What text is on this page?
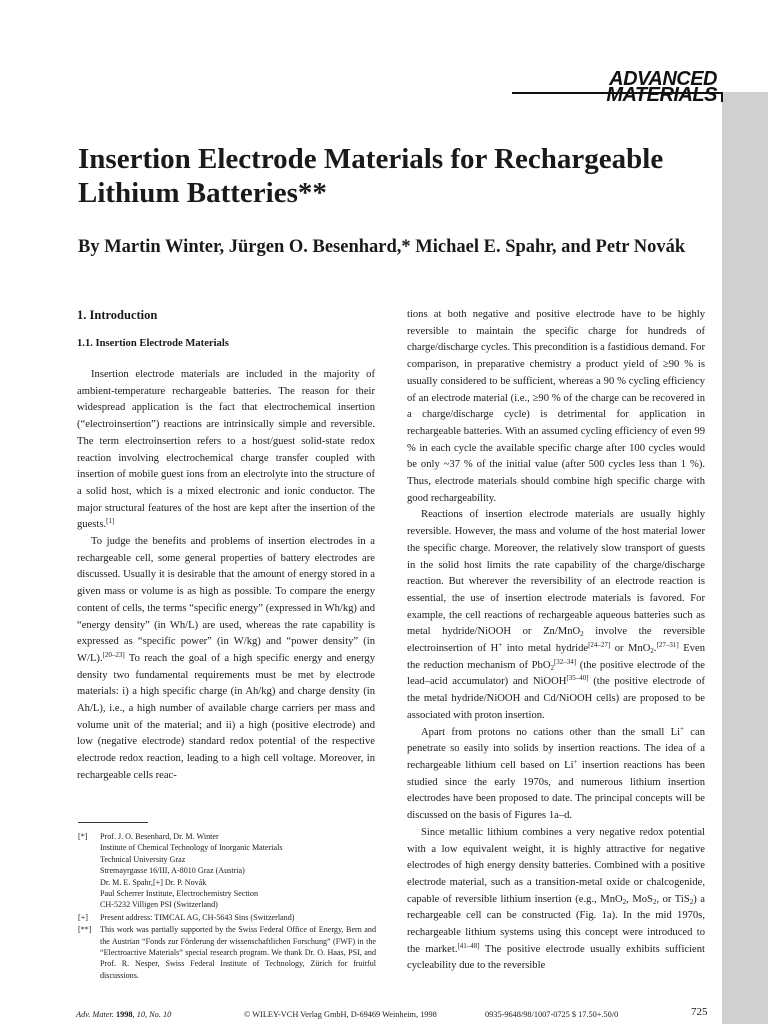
ADVANCED
MATERIALS
Insertion Electrode Materials for Rechargeable Lithium Batteries**
By Martin Winter, Jürgen O. Besenhard,* Michael E. Spahr, and Petr Novák
1. Introduction
1.1. Insertion Electrode Materials

Insertion electrode materials are included in the majority of ambient-temperature rechargeable batteries. The reason for their widespread application is the fact that electrochemical insertion (“electroinsertion”) reactions are intrinsically simple and reversible. The term electroinsertion refers to a host/guest solid-state redox reaction involving electrochemical charge transfer coupled with insertion of mobile guest ions from an electrolyte into the structure of a solid host, which is a mixed electronic and ionic conductor. The major structural features of the host are kept after the insertion of the guests.[1]

To judge the benefits and problems of insertion electrodes in a rechargeable cell, some general properties of battery electrodes are discussed. Usually it is desirable that the amount of energy stored in a given mass or volume is as high as possible. To compare the energy content of cells, the terms “specific energy” (expressed in Wh/kg) and “energy density” (in Wh/L) are used, whereas the rate capability is expressed as “specific power” (in W/kg) and “power density” (in W/L).[20–23] To reach the goal of a high specific energy and energy density two fundamental requirements must be met by electrode materials: i) a high specific charge (in Ah/kg) and charge density (in Ah/L), i.e., a high number of available charge carriers per mass and volume unit of the material; and ii) a high (positive electrode) and low (negative electrode) standard redox potential of the respective electrode redox reaction, leading to a high cell voltage. Moreover, in rechargeable cells reac-

tions at both negative and positive electrode have to be highly reversible to maintain the specific charge for hundreds of charge/discharge cycles. This precondition is a fastidious demand. For comparison, in preparative chemistry a product yield of ≥90 % is usually considered to be sufficient, whereas a 90 % cycling efficiency of an electrode material (i.e., ≥90 % of the charge can be recovered in a charge/discharge cycle) is detrimental for application in rechargeable batteries. With an assumed cycling efficiency of even 99 % in each cycle the available specific charge after 100 cycles would be only ~37 % of the initial value (after 500 cycles less than 1 %). Thus, electrode materials should combine high specific charge with good rechargeability.

Reactions of insertion electrode materials are usually highly reversible. However, the mass and volume of the host material lower the specific charge. Moreover, the relatively slow transport of guests in the solid host limits the rate capability of the charge/discharge reaction. But wherever the reversibility of an electrode reaction is essential, the use of insertion electrode materials is favored. For example, the cell reactions of rechargeable aqueous batteries such as metal hydride/NiOOH or Zn/MnO$_2$ involve the reversible electroinsertion of H+ into metal hydride[24–27] or MnO$_2$.[27–31] Even the reduction mechanism of PbO$_2$[32–34] (the positive electrode of the lead–acid accumulator) and NiOOH[35–40] (the positive electrode of the metal hydride/NiOOH and Cd/NiOOH cells) are proposed to be associated with proton insertion.

Apart from protons no cations other than the small Li+ can penetrate so easily into solids by insertion reactions. The idea of a rechargeable lithium cell based on Li+ insertion reactions has been studied since the early 1970s, and numerous lithium insertion electrodes have been proposed to date. The principal concepts will be discussed on the basis of Figures 1a–d.

Since metallic lithium combines a very negative redox potential with a low equivalent weight, it is highly attractive for negative electrodes of high energy density batteries. Combined with a positive electrode material, such as a transition-metal oxide or chalcogenide, capable of reversible lithium insertion (e.g., MnO$_2$, MoS$_2$, or TiS$_2$) a rechargeable cell can be constructed (Fig. 1a). In the mid 1970s, rechargeable lithium systems using this concept were introduced to the market.[41–48] The positive electrode usually exhibits sufficient cycleability due to the reversible

[*]	Prof. J. O. Besenhard, Dr. M. Winter
Institute of Chemical Technology of Inorganic Materials
Technical University Graz
Stremayrgasse 16/III, A-8010 Graz (Austria)
Dr. M. E. Spahr,[+] Dr. P. Novák
Paul Scherrer Institute, Electrochemistry Section
CH-5232 Villigen PSI (Switzerland)
[+]	Present address: TIMCAL AG, CH-5643 Sins (Switzerland)
[**]	This work was partially supported by the Swiss Federal Office of Energy, Bern and the Austrian “Fonds zur Förderung der wissenschaftlichen Forschung” (FWF) in the “Electroactive Materials” special research program. We thank Dr. O. Haas, PSI, and Prof. R. Nesper, Swiss Federal Institute of Technology, Zürich for fruitful discussions.
Adv. Mater. 1998, 10, No. 10	© WILEY-VCH Verlag GmbH, D-69469 Weinheim, 1998	0935-9648/98/1007-0725 $ 17.50+.50/0	725
